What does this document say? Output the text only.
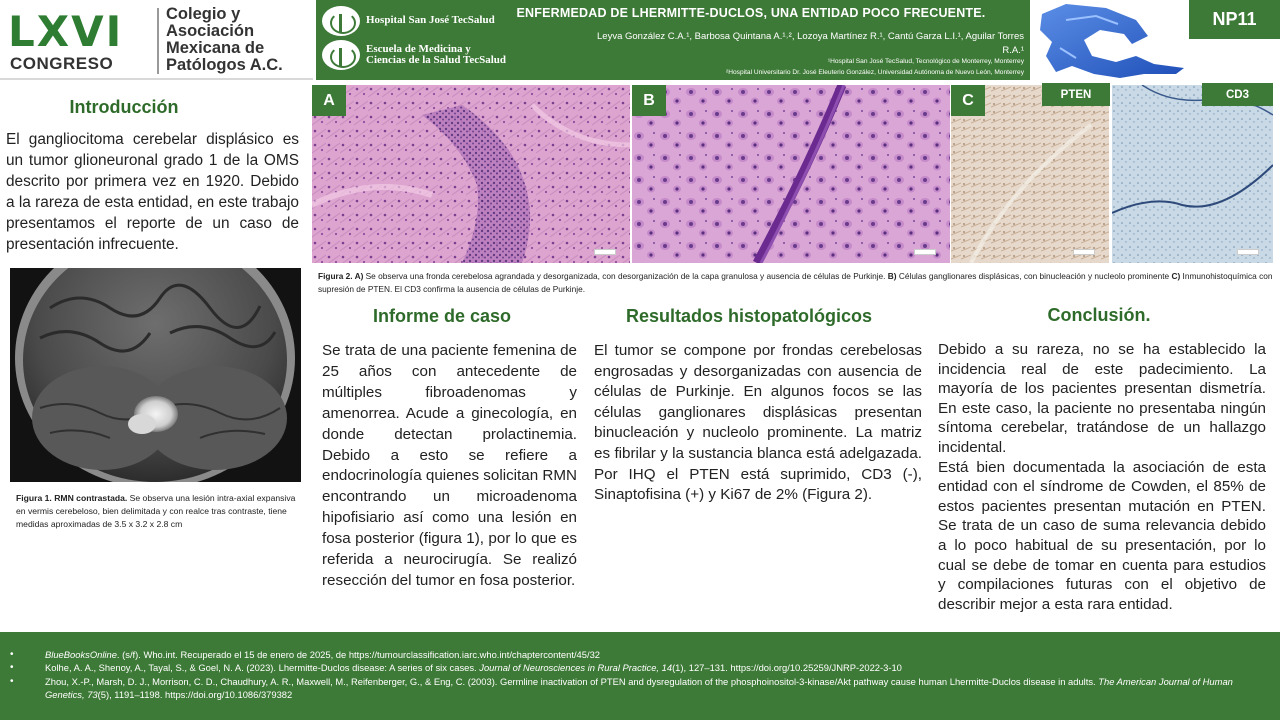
LXVI
CONGRESO
Colegio y Asociación Mexicana de Patólogos A.C.
Hospital San José TecSalud
Escuela de Medicina y Ciencias de la Salud TecSalud
ENFERMEDAD DE LHERMITTE-DUCLOS, UNA ENTIDAD POCO FRECUENTE.
Leyva González C.A.¹, Barbosa Quintana A.¹˒², Lozoya Martínez R.¹, Cantú Garza L.I.¹, Aguilar Torres R.A.¹
¹Hospital San José TecSalud, Tecnológico de Monterrey, Monterrey
²Hospital Universitario Dr. José Eleuterio González, Universidad Autónoma de Nuevo León, Monterrey
NP11
Introducción
El gangliocitoma cerebelar displásico es un tumor glioneuronal grado 1 de la OMS descrito por primera vez en 1920. Debido a la rareza de esta entidad, en este trabajo presentamos el reporte de un caso de presentación infrecuente.
Figura 1. RMN contrastada. Se observa una lesión intra-axial expansiva en vermis cerebeloso, bien delimitada y con realce tras contraste, tiene medidas aproximadas de 3.5 x 3.2 x 2.8 cm
A	B	C	PTEN	CD3
Figura 2. A) Se observa una fronda cerebelosa agrandada y desorganizada, con desorganización de la capa granulosa y ausencia de células de Purkinje. B) Células ganglionares displásicas, con binucleación y nucleolo prominente C) Inmunohistoquímica con supresión de PTEN. El CD3 confirma la ausencia de células de Purkinje.
Informe de caso
Se trata de una paciente femenina de 25 años con antecedente de múltiples fibroadenomas y amenorrea. Acude a ginecología, en donde detectan prolactinemia. Debido a esto se refiere a endocrinología quienes solicitan RMN encontrando un microadenoma hipofisiario así como una lesión en fosa posterior (figura 1), por lo que es referida a neurocirugía. Se realizó resección del tumor en fosa posterior.
Resultados histopatológicos
El tumor se compone por frondas cerebelosas engrosadas y desorganizadas con ausencia de células de Purkinje. En algunos focos se las células ganglionares displásicas presentan binucleación y nucleolo prominente. La matriz es fibrilar y la sustancia blanca está adelgazada. Por IHQ el PTEN está suprimido, CD3 (-), Sinaptofisina (+) y Ki67 de 2% (Figura 2).
Conclusión.
Debido a su rareza, no se ha establecido la incidencia real de este padecimiento. La mayoría de los pacientes presentan dismetría. En este caso, la paciente no presentaba ningún síntoma cerebelar, tratándose de un hallazgo incidental.
Está bien documentada la asociación de esta entidad con el síndrome de Cowden, el 85% de estos pacientes presentan mutación en PTEN. Se trata de un caso de suma relevancia debido a lo poco habitual de su presentación, por lo cual se debe de tomar en cuenta para estudios y compilaciones futuras con el objetivo de describir mejor a esta rara entidad.
• BlueBooksOnline. (s/f). Who.int. Recuperado el 15 de enero de 2025, de https://tumourclassification.iarc.who.int/chaptercontent/45/32
• Kolhe, A. A., Shenoy, A., Tayal, S., & Goel, N. A. (2023). Lhermitte-Duclos disease: A series of six cases. Journal of Neurosciences in Rural Practice, 14(1), 127–131. https://doi.org/10.25259/JNRP-2022-3-10
• Zhou, X.-P., Marsh, D. J., Morrison, C. D., Chaudhury, A. R., Maxwell, M., Reifenberger, G., & Eng, C. (2003). Germline inactivation of PTEN and dysregulation of the phosphoinositol-3-kinase/Akt pathway cause human Lhermitte-Duclos disease in adults. The American Journal of Human Genetics, 73(5), 1191–1198. https://doi.org/10.1086/379382
